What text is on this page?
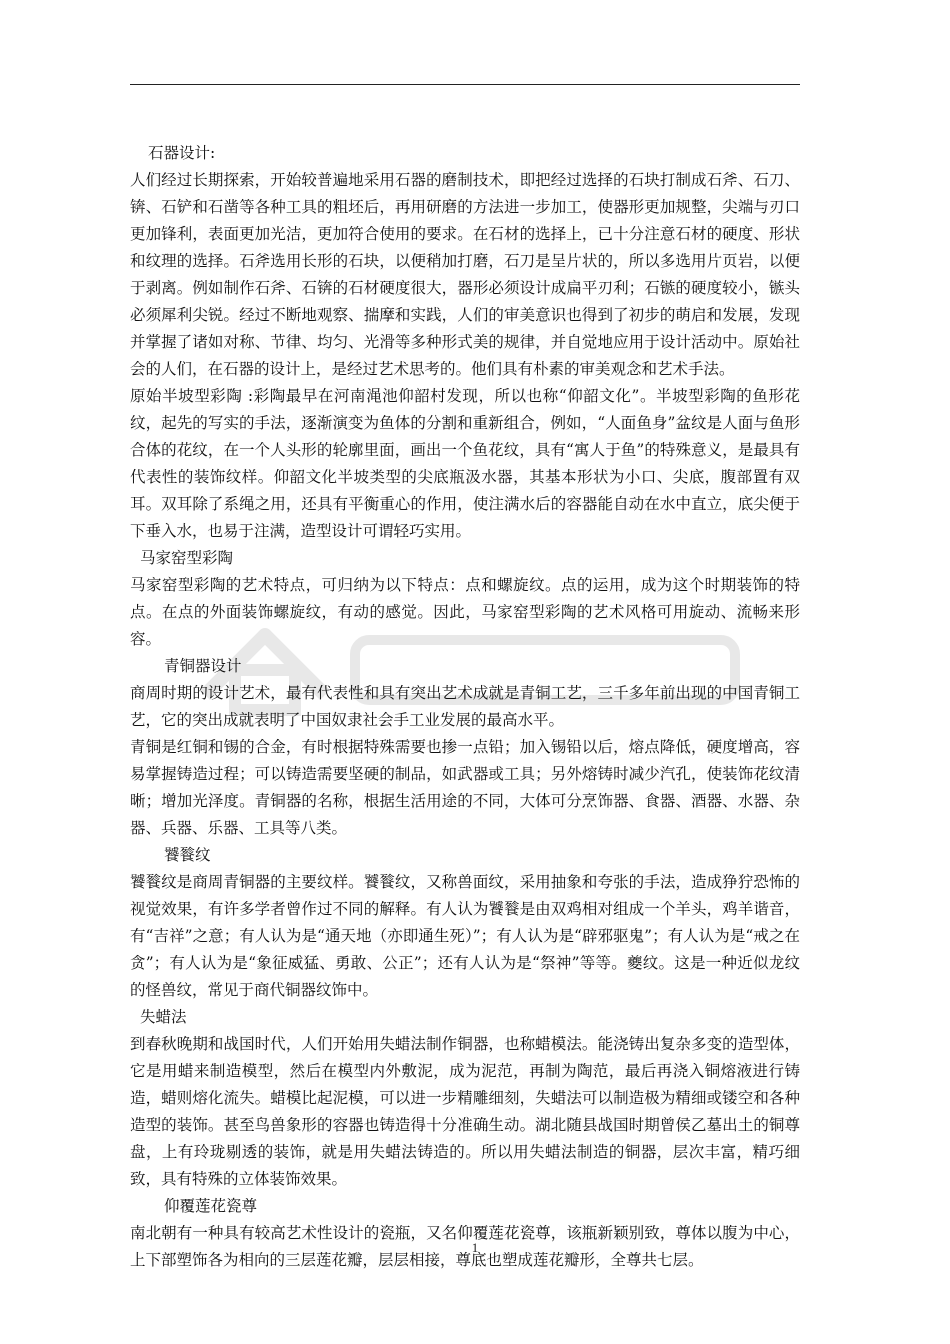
石器设计:

人们经过长期探索，开始较普遍地采用石器的磨制技术，即把经过选择的石块打制成石斧、石刀、锛、石铲和石凿等各种工具的粗坯后，再用研磨的方法进一步加工，使器形更加规整，尖端与刃口更加锋利，表面更加光洁，更加符合使用的要求。在石材的选择上，已十分注意石材的硬度、形状和纹理的选择。石斧选用长形的石块，以便稍加打磨，石刀是呈片状的，所以多选用片页岩，以便于剥离。例如制作石斧、石锛的石材硬度很大，器形必须设计成扁平刃利；石镞的硬度较小，镞头必须犀利尖锐。经过不断地观察、揣摩和实践，人们的审美意识也得到了初步的萌启和发展，发现并掌握了诸如对称、节律、均匀、光滑等多种形式美的规律，并自觉地应用于设计活动中。原始社会的人们，在石器的设计上，是经过艺术思考的。他们具有朴素的审美观念和艺术手法。

原始半坡型彩陶 :彩陶最早在河南渑池仰韶村发现，所以也称“仰韶文化”。半坡型彩陶的鱼形花纹，起先的写实的手法，逐渐演变为鱼体的分割和重新组合，例如，“人面鱼身”盆纹是人面与鱼形合体的花纹，在一个人头形的轮廓里面，画出一个鱼花纹，具有“寓人于鱼”的特殊意义，是最具有代表性的装饰纹样。仰韶文化半坡类型的尖底瓶汲水器，其基本形状为小口、尖底，腹部置有双耳。双耳除了系绳之用，还具有平衡重心的作用，使注满水后的容器能自动在水中直立，底尖便于下垂入水，也易于注满，造型设计可谓轻巧实用。

马家窑型彩陶

马家窑型彩陶的艺术特点，可归纳为以下特点：点和螺旋纹。点的运用，成为这个时期装饰的特点。在点的外面装饰螺旋纹，有动的感觉。因此，马家窑型彩陶的艺术风格可用旋动、流畅来形容。

青铜器设计

商周时期的设计艺术，最有代表性和具有突出艺术成就是青铜工艺，三千多年前出现的中国青铜工艺，它的突出成就表明了中国奴隶社会手工业发展的最高水平。

青铜是红铜和锡的合金，有时根据特殊需要也掺一点铅；加入锡铅以后，熔点降低，硬度增高，容易掌握铸造过程；可以铸造需要坚硬的制品，如武器或工具；另外熔铸时减少汽孔，使装饰花纹清晰；增加光泽度。青铜器的名称，根据生活用途的不同，大体可分烹饰器、食器、酒器、水器、杂器、兵器、乐器、工具等八类。

饕餮纹

饕餮纹是商周青铜器的主要纹样。饕餮纹，又称兽面纹，采用抽象和夸张的手法，造成狰狞恐怖的视觉效果，有许多学者曾作过不同的解释。有人认为饕餮是由双鸡相对组成一个羊头，鸡羊谐音，有“吉祥”之意；有人认为是“通天地（亦即通生死）”；有人认为是“辟邪驱鬼”；有人认为是“戒之在贪”；有人认为是“象征威猛、勇敢、公正”；还有人认为是“祭神”等等。夔纹。这是一种近似龙纹的怪兽纹，常见于商代铜器纹饰中。

失蜡法

到春秋晚期和战国时代，人们开始用失蜡法制作铜器，也称蜡模法。能浇铸出复杂多变的造型体，它是用蜡来制造模型，然后在模型内外敷泥，成为泥范，再制为陶范，最后再浇入铜熔液进行铸造，蜡则熔化流失。蜡模比起泥模，可以进一步精雕细刻，失蜡法可以制造极为精细或镂空和各种造型的装饰。甚至鸟兽象形的容器也铸造得十分准确生动。湖北随县战国时期曾侯乙墓出土的铜尊盘，上有玲珑剔透的装饰，就是用失蜡法铸造的。所以用失蜡法制造的铜器，层次丰富，精巧细致，具有特殊的立体装饰效果。

仰覆莲花瓷尊

南北朝有一种具有较高艺术性设计的瓷瓶，又名仰覆莲花瓷尊，该瓶新颖别致，尊体以腹为中心，上下部塑饰各为相向的三层莲花瓣，层层相接，尊底也塑成莲花瓣形，全尊共七层。

1
